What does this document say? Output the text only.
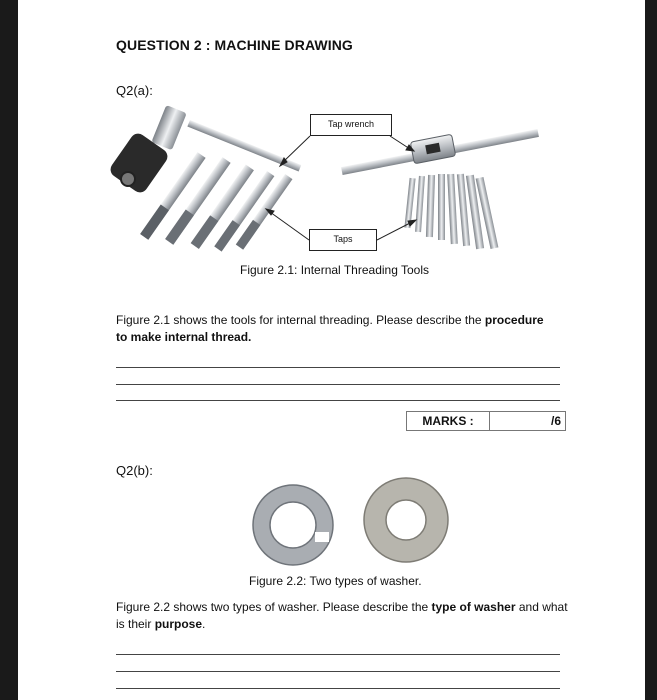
QUESTION 2 : MACHINE DRAWING
Q2(a):
Tap wrench
Taps
Figure 2.1: Internal Threading Tools
Figure 2.1 shows the tools for internal threading. Please describe the procedure
to make internal thread.
MARKS :	/6
Q2(b):
Figure 2.2: Two types of washer.
Figure 2.2 shows two types of washer. Please describe the type of washer and what is their purpose.
